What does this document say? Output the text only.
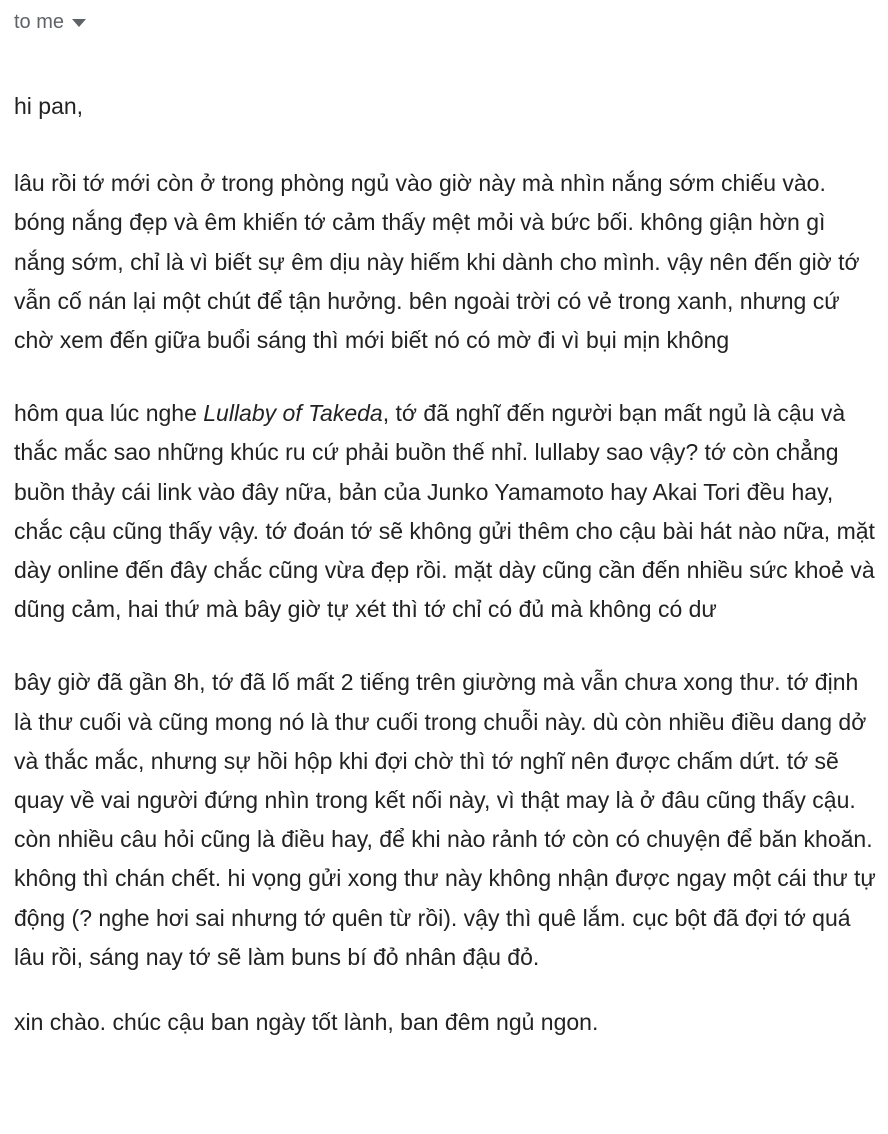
to me

hi pan,

lâu rồi tớ mới còn ở trong phòng ngủ vào giờ này mà nhìn nắng sớm chiếu vào. bóng nắng đẹp và êm khiến tớ cảm thấy mệt mỏi và bức bối. không giận hờn gì nắng sớm, chỉ là vì biết sự êm dịu này hiếm khi dành cho mình. vậy nên đến giờ tớ vẫn cố nán lại một chút để tận hưởng. bên ngoài trời có vẻ trong xanh, nhưng cứ chờ xem đến giữa buổi sáng thì mới biết nó có mờ đi vì bụi mịn không

hôm qua lúc nghe Lullaby of Takeda, tớ đã nghĩ đến người bạn mất ngủ là cậu và thắc mắc sao những khúc ru cứ phải buồn thế nhỉ. lullaby sao vậy? tớ còn chẳng buồn thảy cái link vào đây nữa, bản của Junko Yamamoto hay Akai Tori đều hay, chắc cậu cũng thấy vậy. tớ đoán tớ sẽ không gửi thêm cho cậu bài hát nào nữa, mặt dày online đến đây chắc cũng vừa đẹp rồi. mặt dày cũng cần đến nhiều sức khoẻ và dũng cảm, hai thứ mà bây giờ tự xét thì tớ chỉ có đủ mà không có dư

bây giờ đã gần 8h, tớ đã lố mất 2 tiếng trên giường mà vẫn chưa xong thư. tớ định là thư cuối và cũng mong nó là thư cuối trong chuỗi này. dù còn nhiều điều dang dở và thắc mắc, nhưng sự hồi hộp khi đợi chờ thì tớ nghĩ nên được chấm dứt. tớ sẽ quay về vai người đứng nhìn trong kết nối này, vì thật may là ở đâu cũng thấy cậu. còn nhiều câu hỏi cũng là điều hay, để khi nào rảnh tớ còn có chuyện để băn khoăn. không thì chán chết. hi vọng gửi xong thư này không nhận được ngay một cái thư tự động (? nghe hơi sai nhưng tớ quên từ rồi). vậy thì quê lắm. cục bột đã đợi tớ quá lâu rồi, sáng nay tớ sẽ làm buns bí đỏ nhân đậu đỏ.

xin chào. chúc cậu ban ngày tốt lành, ban đêm ngủ ngon.
